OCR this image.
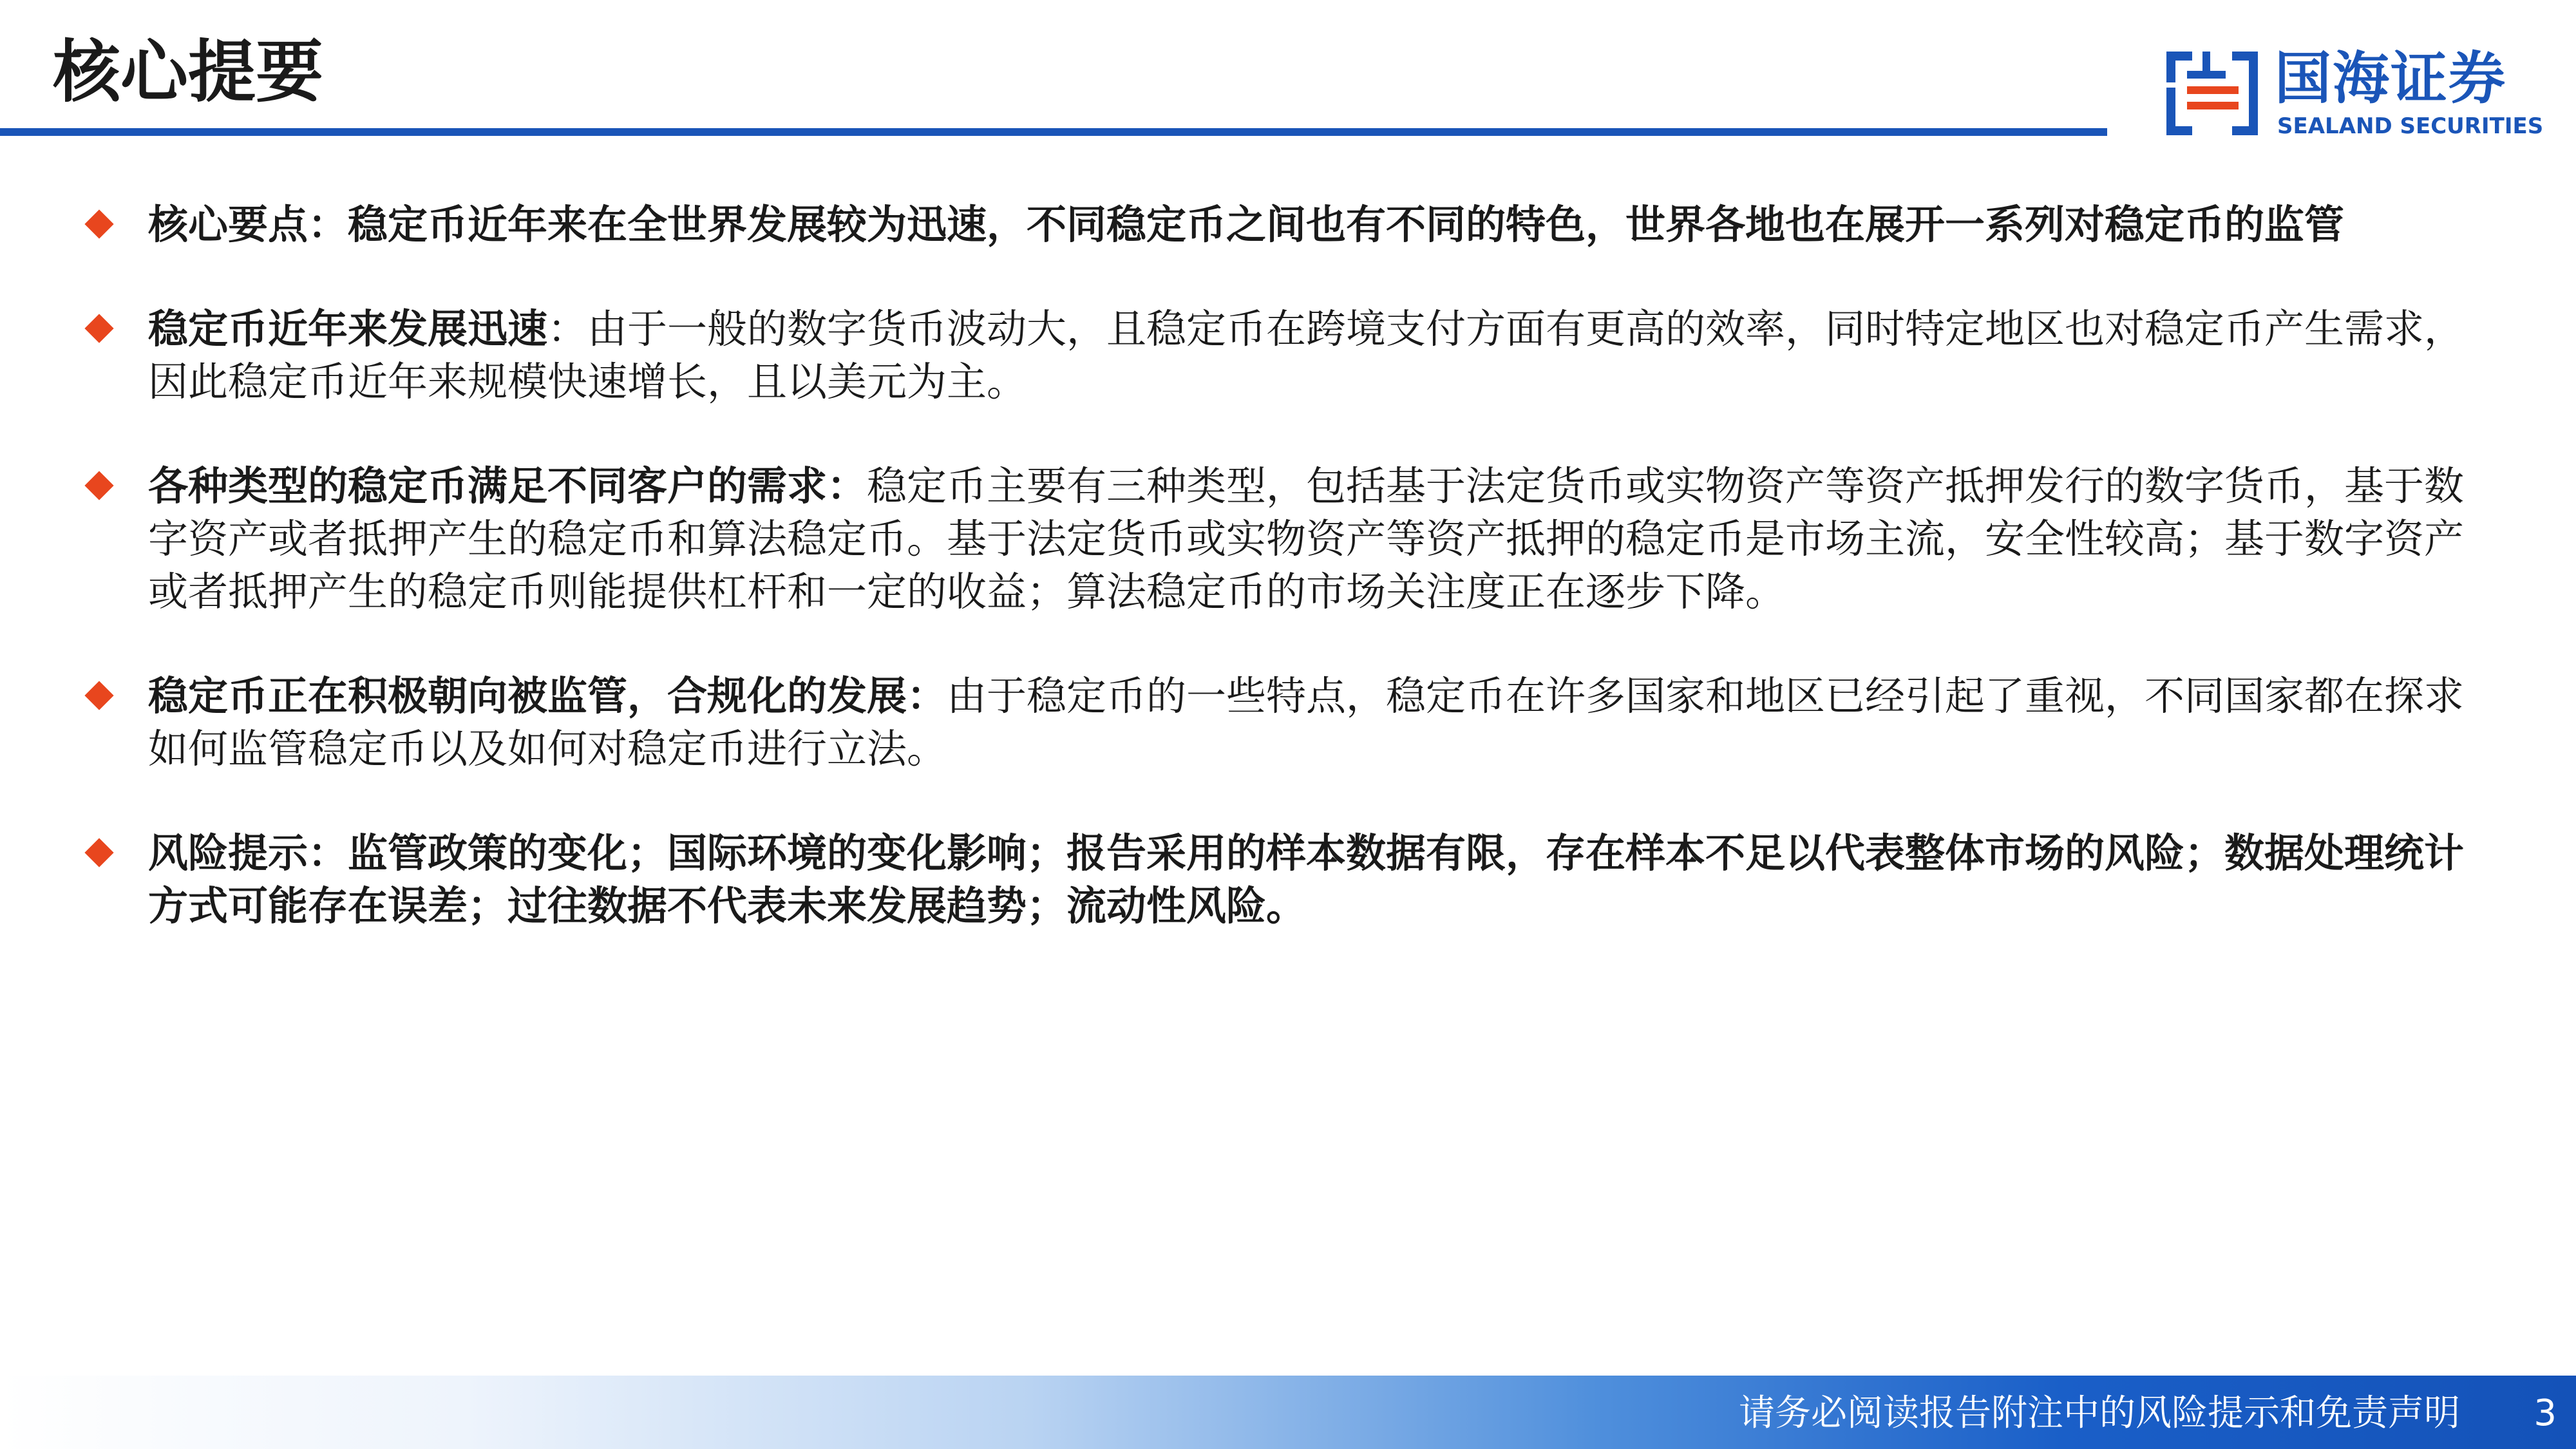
核心提要	国海证券
SEALAND SECURITIES
核心要点：稳定币近年来在全世界发展较为迅速，不同稳定币之间也有不同的特色，世界各地也在展开一系列对稳定币的监管
稳定币近年来发展迅速：由于一般的数字货币波动大，且稳定币在跨境支付方面有更高的效率，同时特定地区也对稳定币产生需求，因此稳定币近年来规模快速增长，且以美元为主。
各种类型的稳定币满足不同客户的需求：稳定币主要有三种类型，包括基于法定货币或实物资产等资产抵押发行的数字货币，基于数字资产或者抵押产生的稳定币和算法稳定币。基于法定货币或实物资产等资产抵押的稳定币是市场主流，安全性较高；基于数字资产或者抵押产生的稳定币则能提供杠杆和一定的收益；算法稳定币的市场关注度正在逐步下降。
稳定币正在积极朝向被监管，合规化的发展：由于稳定币的一些特点，稳定币在许多国家和地区已经引起了重视，不同国家都在探求如何监管稳定币以及如何对稳定币进行立法。
风险提示：监管政策的变化；国际环境的变化影响；报告采用的样本数据有限，存在样本不足以代表整体市场的风险；数据处理统计方式可能存在误差；过往数据不代表未来发展趋势；流动性风险。
请务必阅读报告附注中的风险提示和免责声明	3
